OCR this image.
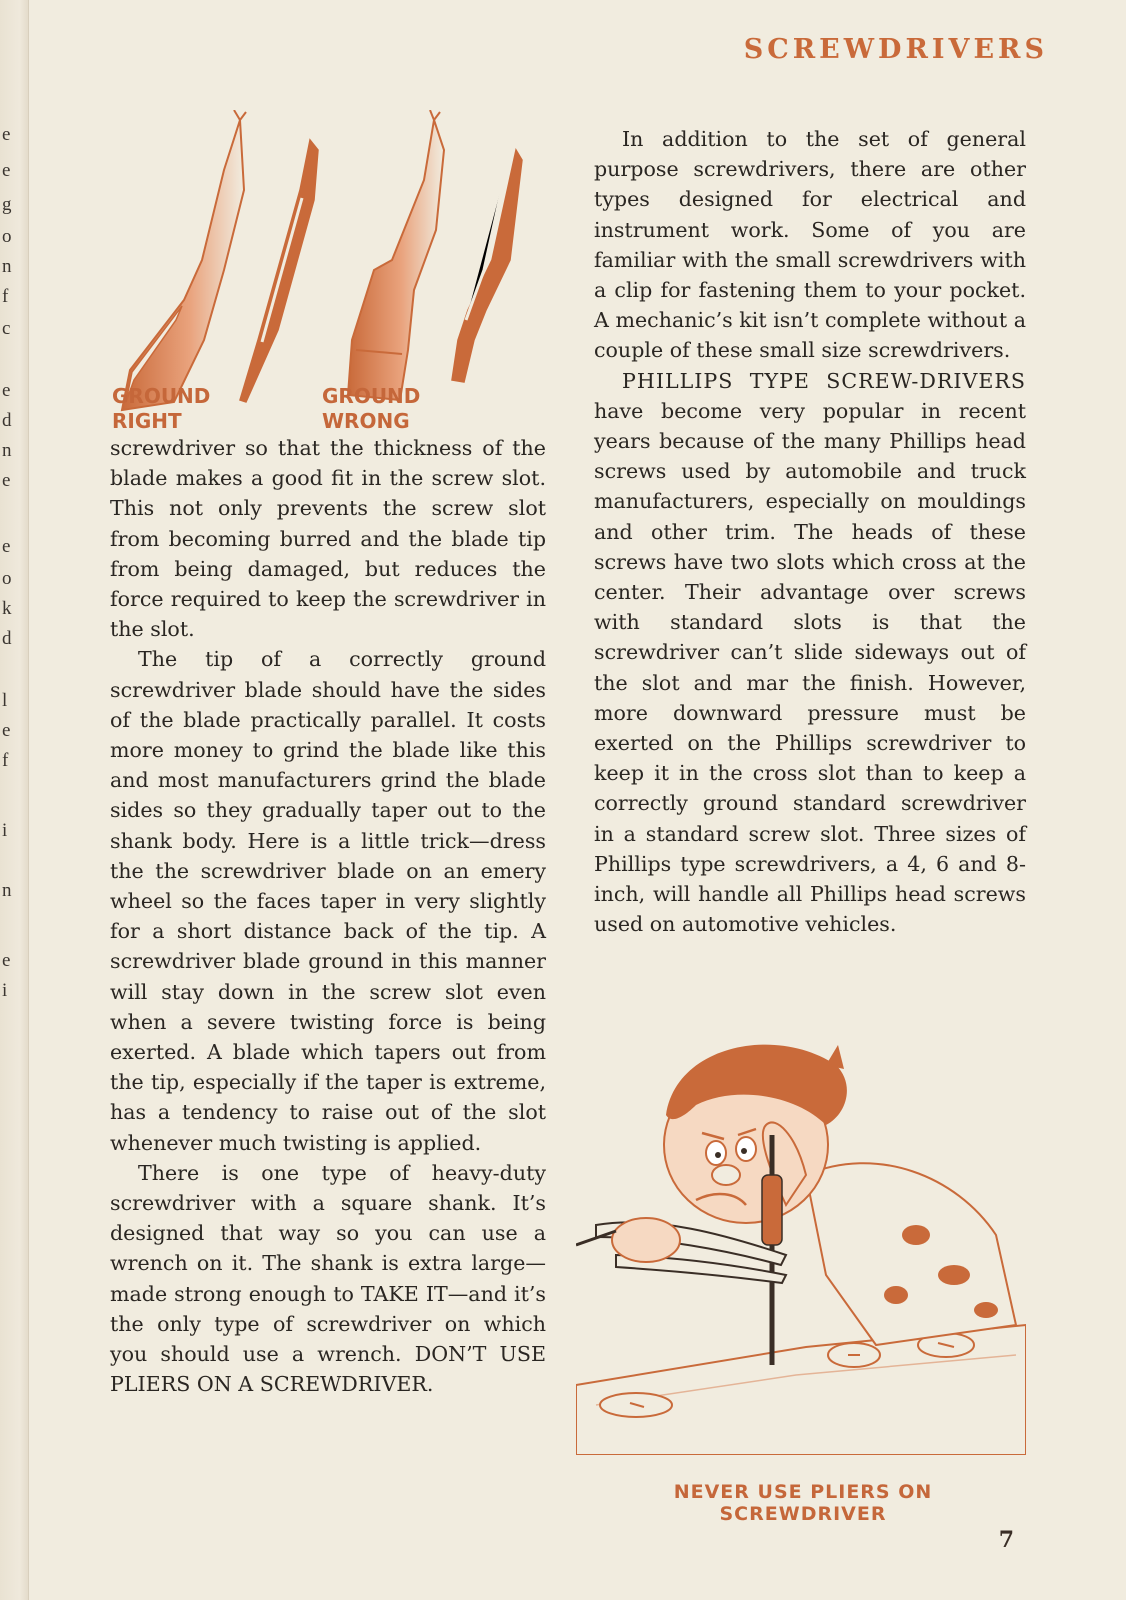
e
e
g
o
n
f
c
e
d
n
e
e
o
k
d
l
e
f
i
n
e
i
SCREWDRIVERS
GROUND
RIGHT
GROUND
WRONG

screwdriver so that the thickness of the blade makes a good fit in the screw slot. This not only prevents the screw slot from becoming burred and the blade tip from being damaged, but reduces the force required to keep the screwdriver in the slot.

The tip of a correctly ground screwdriver blade should have the sides of the blade practically parallel. It costs more money to grind the blade like this and most manufacturers grind the blade sides so they gradually taper out to the shank body. Here is a little trick—dress the the screwdriver blade on an emery wheel so the faces taper in very slightly for a short distance back of the tip. A screwdriver blade ground in this manner will stay down in the screw slot even when a severe twisting force is being exerted. A blade which tapers out from the tip, especially if the taper is extreme, has a tendency to raise out of the slot whenever much twisting is applied.

There is one type of heavy-duty screwdriver with a square shank. It’s designed that way so you can use a wrench on it. The shank is extra large—made strong enough to TAKE IT—and it’s the only type of screwdriver on which you should use a wrench. DON’T USE PLIERS ON A SCREWDRIVER.

In addition to the set of general purpose screwdrivers, there are other types designed for electrical and instrument work. Some of you are familiar with the small screwdrivers with a clip for fastening them to your pocket. A mechanic’s kit isn’t complete without a couple of these small size screwdrivers.

PHILLIPS TYPE SCREW-DRIVERS have become very popular in recent years because of the many Phillips head screws used by automobile and truck manufacturers, especially on mouldings and other trim. The heads of these screws have two slots which cross at the center. Their advantage over screws with standard slots is that the screwdriver can’t slide sideways out of the slot and mar the finish. However, more downward pressure must be exerted on the Phillips screwdriver to keep it in the cross slot than to keep a correctly ground standard screwdriver in a standard screw slot. Three sizes of Phillips type screwdrivers, a 4, 6 and 8-inch, will handle all Phillips head screws used on automotive vehicles.

NEVER USE PLIERS ON SCREWDRIVER
7
